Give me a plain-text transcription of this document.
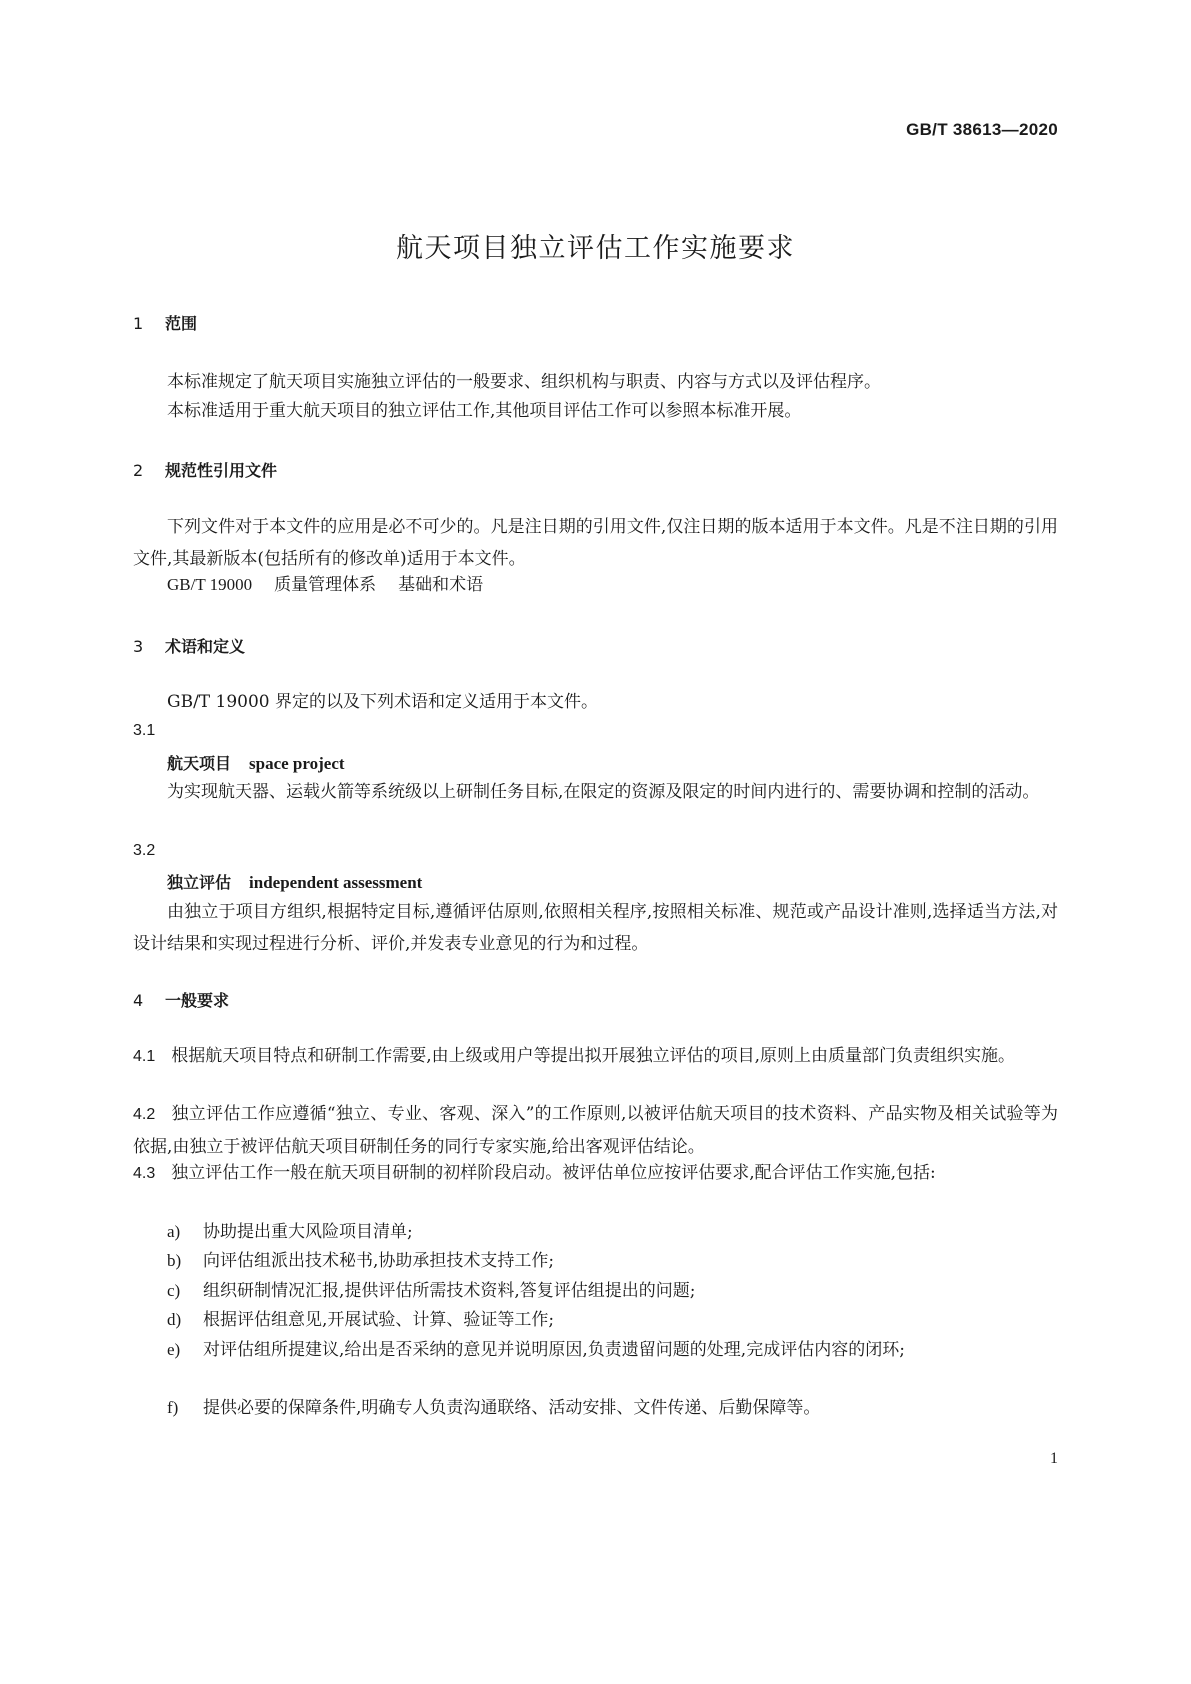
GB/T 38613—2020
航天项目独立评估工作实施要求
1 范围
本标准规定了航天项目实施独立评估的一般要求、组织机构与职责、内容与方式以及评估程序。
本标准适用于重大航天项目的独立评估工作,其他项目评估工作可以参照本标准开展。
2 规范性引用文件
下列文件对于本文件的应用是必不可少的。凡是注日期的引用文件,仅注日期的版本适用于本文件。凡是不注日期的引用文件,其最新版本(包括所有的修改单)适用于本文件。
GB/T 19000 质量管理体系 基础和术语
3 术语和定义
GB/T 19000 界定的以及下列术语和定义适用于本文件。
3.1
航天项目 space project
为实现航天器、运载火箭等系统级以上研制任务目标,在限定的资源及限定的时间内进行的、需要协调和控制的活动。
3.2
独立评估 independent assessment
由独立于项目方组织,根据特定目标,遵循评估原则,依照相关程序,按照相关标准、规范或产品设计准则,选择适当方法,对设计结果和实现过程进行分析、评价,并发表专业意见的行为和过程。
4 一般要求
4.1 根据航天项目特点和研制工作需要,由上级或用户等提出拟开展独立评估的项目,原则上由质量部门负责组织实施。
4.2 独立评估工作应遵循“独立、专业、客观、深入”的工作原则,以被评估航天项目的技术资料、产品实物及相关试验等为依据,由独立于被评估航天项目研制任务的同行专家实施,给出客观评估结论。
4.3 独立评估工作一般在航天项目研制的初样阶段启动。被评估单位应按评估要求,配合评估工作实施,包括:
a) 协助提出重大风险项目清单;
b) 向评估组派出技术秘书,协助承担技术支持工作;
c) 组织研制情况汇报,提供评估所需技术资料,答复评估组提出的问题;
d) 根据评估组意见,开展试验、计算、验证等工作;
e) 对评估组所提建议,给出是否采纳的意见并说明原因,负责遗留问题的处理,完成评估内容的闭环;
f) 提供必要的保障条件,明确专人负责沟通联络、活动安排、文件传递、后勤保障等。
1
